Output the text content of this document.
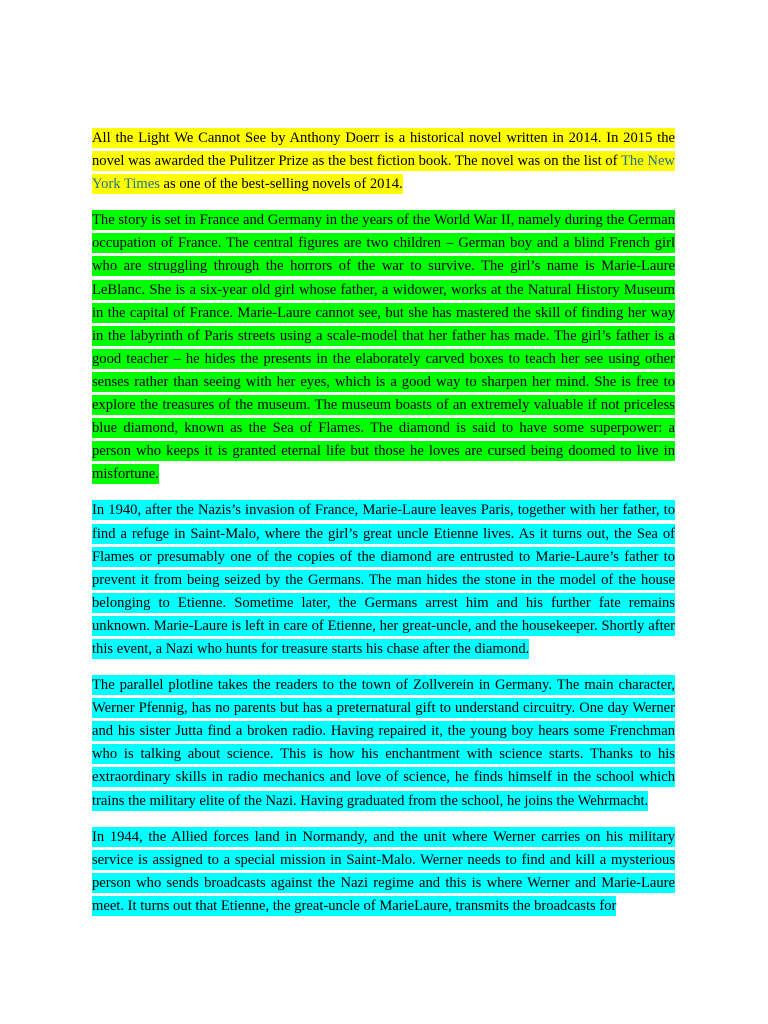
All the Light We Cannot See by Anthony Doerr is a historical novel written in 2014. In 2015 the novel was awarded the Pulitzer Prize as the best fiction book. The novel was on the list of The New York Times as one of the best-selling novels of 2014.

The story is set in France and Germany in the years of the World War II, namely during the German occupation of France. The central figures are two children – German boy and a blind French girl who are struggling through the horrors of the war to survive. The girl’s name is Marie-Laure LeBlanc. She is a six-year old girl whose father, a widower, works at the Natural History Museum in the capital of France. Marie-Laure cannot see, but she has mastered the skill of finding her way in the labyrinth of Paris streets using a scale-model that her father has made. The girl’s father is a good teacher – he hides the presents in the elaborately carved boxes to teach her see using other senses rather than seeing with her eyes, which is a good way to sharpen her mind. She is free to explore the treasures of the museum. The museum boasts of an extremely valuable if not priceless blue diamond, known as the Sea of Flames. The diamond is said to have some superpower: a person who keeps it is granted eternal life but those he loves are cursed being doomed to live in misfortune.

In 1940, after the Nazis’s invasion of France, Marie-Laure leaves Paris, together with her father, to find a refuge in Saint-Malo, where the girl’s great uncle Etienne lives. As it turns out, the Sea of Flames or presumably one of the copies of the diamond are entrusted to Marie-Laure’s father to prevent it from being seized by the Germans. The man hides the stone in the model of the house belonging to Etienne. Sometime later, the Germans arrest him and his further fate remains unknown. Marie-Laure is left in care of Etienne, her great-uncle, and the housekeeper. Shortly after this event, a Nazi who hunts for treasure starts his chase after the diamond.

The parallel plotline takes the readers to the town of Zollverein in Germany. The main character, Werner Pfennig, has no parents but has a preternatural gift to understand circuitry. One day Werner and his sister Jutta find a broken radio. Having repaired it, the young boy hears some Frenchman who is talking about science. This is how his enchantment with science starts. Thanks to his extraordinary skills in radio mechanics and love of science, he finds himself in the school which trains the military elite of the Nazi. Having graduated from the school, he joins the Wehrmacht.

In 1944, the Allied forces land in Normandy, and the unit where Werner carries on his military service is assigned to a special mission in Saint-Malo. Werner needs to find and kill a mysterious person who sends broadcasts against the Nazi regime and this is where Werner and Marie-Laure meet. It turns out that Etienne, the great-uncle of MarieLaure, transmits the broadcasts for
